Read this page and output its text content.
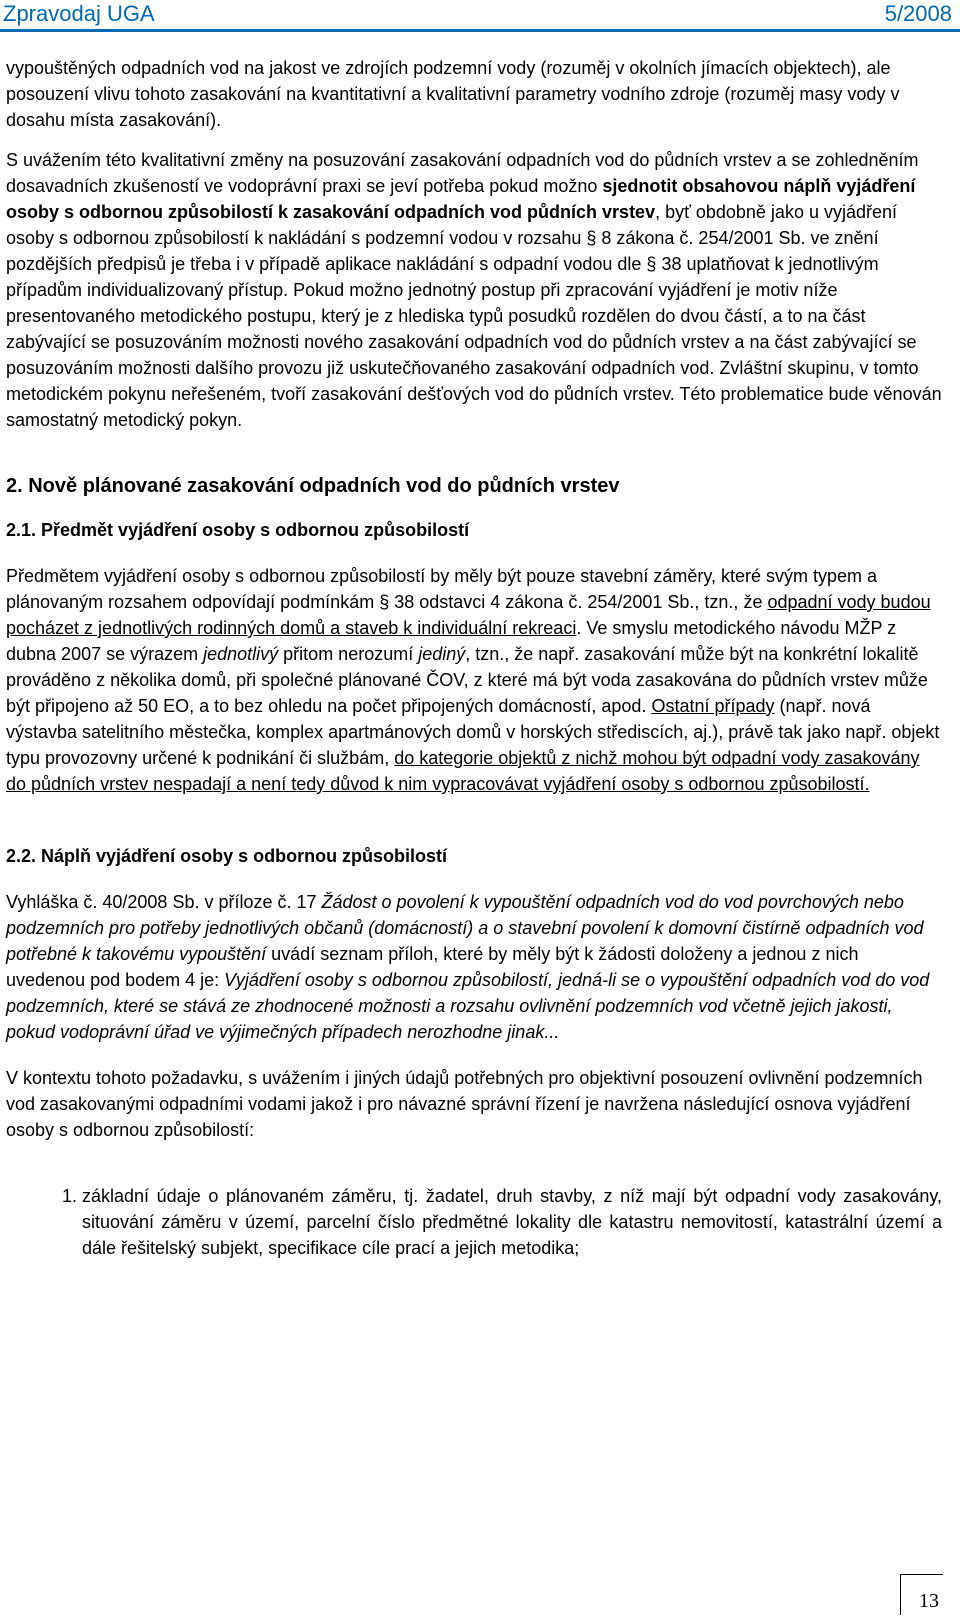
Zpravodaj UGA	5/2008

vypouštěných odpadních vod na jakost ve zdrojích podzemní vody (rozuměj v okolních jímacích objektech), ale posouzení vlivu tohoto zasakování na kvantitativní a kvalitativní parametry vodního zdroje (rozuměj masy vody v dosahu místa zasakování).

S uvážením této kvalitativní změny na posuzování zasakování odpadních vod do půdních vrstev a se zohledněním dosavadních zkušeností ve vodoprávní praxi se jeví potřeba pokud možno sjednotit obsahovou náplň vyjádření osoby s odbornou způsobilostí k zasakování odpadních vod půdních vrstev, byť obdobně jako u vyjádření osoby s odbornou způsobilostí k nakládání s podzemní vodou v rozsahu § 8 zákona č. 254/2001 Sb. ve znění pozdějších předpisů je třeba i v případě aplikace nakládání s odpadní vodou dle § 38 uplatňovat k jednotlivým případům individualizovaný přístup. Pokud možno jednotný postup při zpracování vyjádření je motiv níže presentovaného metodického postupu, který je z hlediska typů posudků rozdělen do dvou částí, a to na část zabývající se posuzováním možnosti nového zasakování odpadních vod do půdních vrstev a na část zabývající se posuzováním možnosti dalšího provozu již uskutečňovaného zasakování odpadních vod. Zvláštní skupinu, v tomto metodickém pokynu neřešeném, tvoří zasakování dešťových vod do půdních vrstev. Této problematice bude věnován samostatný metodický pokyn.

2. Nově plánované zasakování odpadních vod do půdních vrstev

2.1. Předmět vyjádření osoby s odbornou způsobilostí

Předmětem vyjádření osoby s odbornou způsobilostí by měly být pouze stavební záměry, které svým typem a plánovaným rozsahem odpovídají podmínkám § 38 odstavci 4 zákona č. 254/2001 Sb., tzn., že odpadní vody budou pocházet z jednotlivých rodinných domů a staveb k individuální rekreaci. Ve smyslu metodického návodu MŽP z dubna 2007 se výrazem jednotlivý přitom nerozumí jediný, tzn., že např. zasakování může být na konkrétní lokalitě prováděno z několika domů, při společné plánované ČOV, z které má být voda zasakována do půdních vrstev může být připojeno až 50 EO, a to bez ohledu na počet připojených domácností, apod. Ostatní případy (např. nová výstavba satelitního městečka, komplex apartmánových domů v horských střediscích, aj.), právě tak jako např. objekt typu provozovny určené k podnikání či službám, do kategorie objektů z nichž mohou být odpadní vody zasakovány do půdních vrstev nespadají a není tedy důvod k nim vypracovávat vyjádření osoby s odbornou způsobilostí.

2.2. Náplň vyjádření osoby s odbornou způsobilostí

Vyhláška č. 40/2008 Sb. v příloze č. 17 Žádost o povolení k vypouštění odpadních vod do vod povrchových nebo podzemních pro potřeby jednotlivých občanů (domácností) a o stavební povolení k domovní čistírně odpadních vod potřebné k takovému vypouštění uvádí seznam příloh, které by měly být k žádosti doloženy a jednou z nich uvedenou pod bodem 4 je: Vyjádření osoby s odbornou způsobilostí, jedná-li se o vypouštění odpadních vod do vod podzemních, které se stává ze zhodnocené možnosti a rozsahu ovlivnění podzemních vod včetně jejich jakosti, pokud vodoprávní úřad ve výjimečných případech nerozhodne jinak...

V kontextu tohoto požadavku, s uvážením i jiných údajů potřebných pro objektivní posouzení ovlivnění podzemních vod zasakovanými odpadními vodami jakož i pro návazné správní řízení je navržena následující osnova vyjádření osoby s odbornou způsobilostí:

1. základní údaje o plánovaném záměru, tj. žadatel, druh stavby, z níž mají být odpadní vody zasakovány, situování záměru v území, parcelní číslo předmětné lokality dle katastru nemovitostí, katastrální území a dále řešitelský subjekt, specifikace cíle prací a jejich metodika;
13
